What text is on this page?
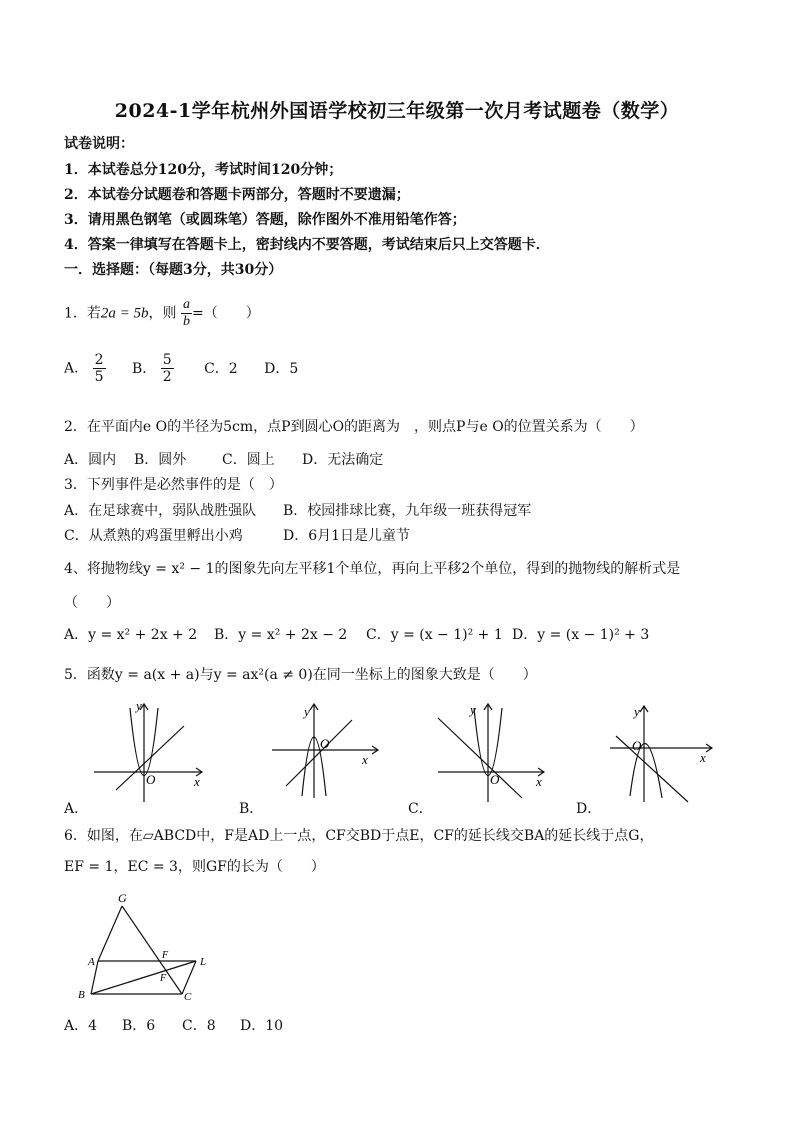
2024-1学年杭州外国语学校初三年级第一次月考试题卷（数学）
试卷说明：
1．本试卷总分120分，考试时间120分钟；
2．本试卷分试题卷和答题卡两部分，答题时不要遗漏；
3．请用黑色钢笔（或圆珠笔）答题，除作图外不准用铅笔作答；
4．答案一律填写在答题卡上，密封线内不要答题，考试结束后只上交答题卡．
一．选择题：（每题3分，共30分）
1．若2a = 5b，则 $\frac{a}{b}$ =（　　）
A． $\frac{2}{5}$ B． $\frac{5}{2}$ C．2 D．5
2．在平面内e O的半径为5cm，点P到圆心O的距离为　，则点P与e O的位置关系为（　　）
A．圆内 B．圆外	C．圆上 D．无法确定
3．下列事件是必然事件的是（　）
A．在足球赛中，弱队战胜强队 B．校园排球比赛，九年级一班获得冠军
C．从煮熟的鸡蛋里孵出小鸡	D．6月1日是儿童节
4、将抛物线y = x² − 1的图象先向左平移1个单位，再向上平移2个单位，得到的抛物线的解析式是
（　　）
A．y = x² + 2x + 2 B．y = x² + 2x − 2 C．y = (x − 1)² + 1 D．y = (x − 1)² + 3
5．函数y = a(x + a)与y = ax²(a ≠ 0)在同一坐标上的图象大致是（　　）
y
x
O
A．
y
x
O
B．
y
x
O
C．
y
x
O
D．
6．如图，在▱ABCD中，F是AD上一点，CF交BD于点E，CF的延长线交BA的延长线于点G，
EF = 1，EC = 3，则GF的长为（　　）
G
A
F
L
F
B	C
A．4 B．6 C．8 D．10
